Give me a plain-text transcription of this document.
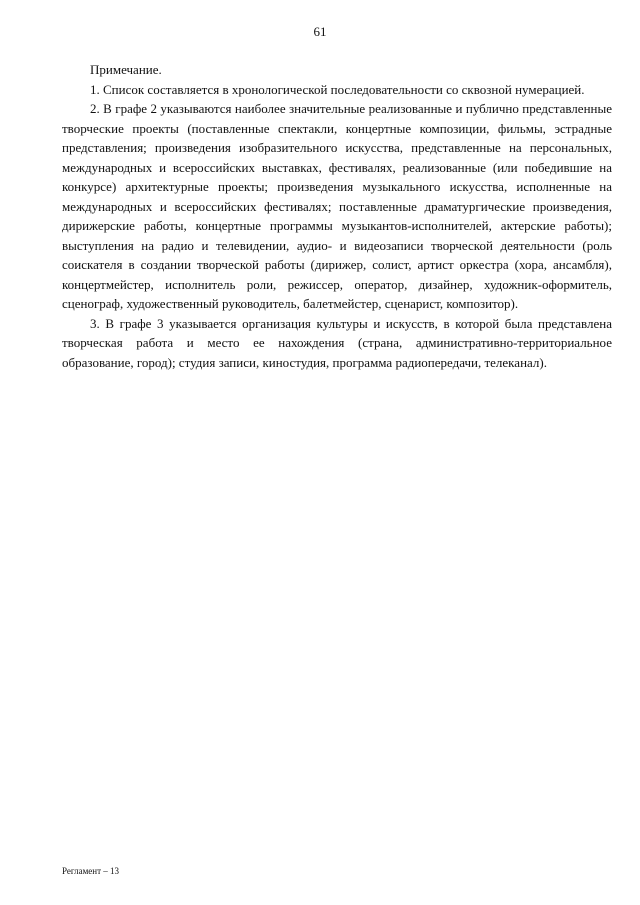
61

Примечание.

1. Список составляется в хронологической последовательности со сквозной нумерацией.

2. В графе 2 указываются наиболее значительные реализованные и публично представленные творческие проекты (поставленные спектакли, концертные композиции, фильмы, эстрадные представления; произведения изобразительного искусства, представленные на персональных, международных и всероссийских выставках, фестивалях, реализованные (или победившие на конкурсе) архитектурные проекты; произведения музыкального искусства, исполненные на международных и всероссийских фестивалях; поставленные драматургические произведения, дирижерские работы, концертные программы музыкантов-исполнителей, актерские работы); выступления на радио и телевидении, аудио- и видеозаписи творческой деятельности (роль соискателя в создании творческой работы (дирижер, солист, артист оркестра (хора, ансамбля), концертмейстер, исполнитель роли, режиссер, оператор, дизайнер, художник-оформитель, сценограф, художественный руководитель, балетмейстер, сценарист, композитор).

3. В графе 3 указывается организация культуры и искусств, в которой была представлена творческая работа и место ее нахождения (страна, административно-территориальное образование, город); студия записи, киностудия, программа радиопередачи, телеканал).

Регламент – 13
